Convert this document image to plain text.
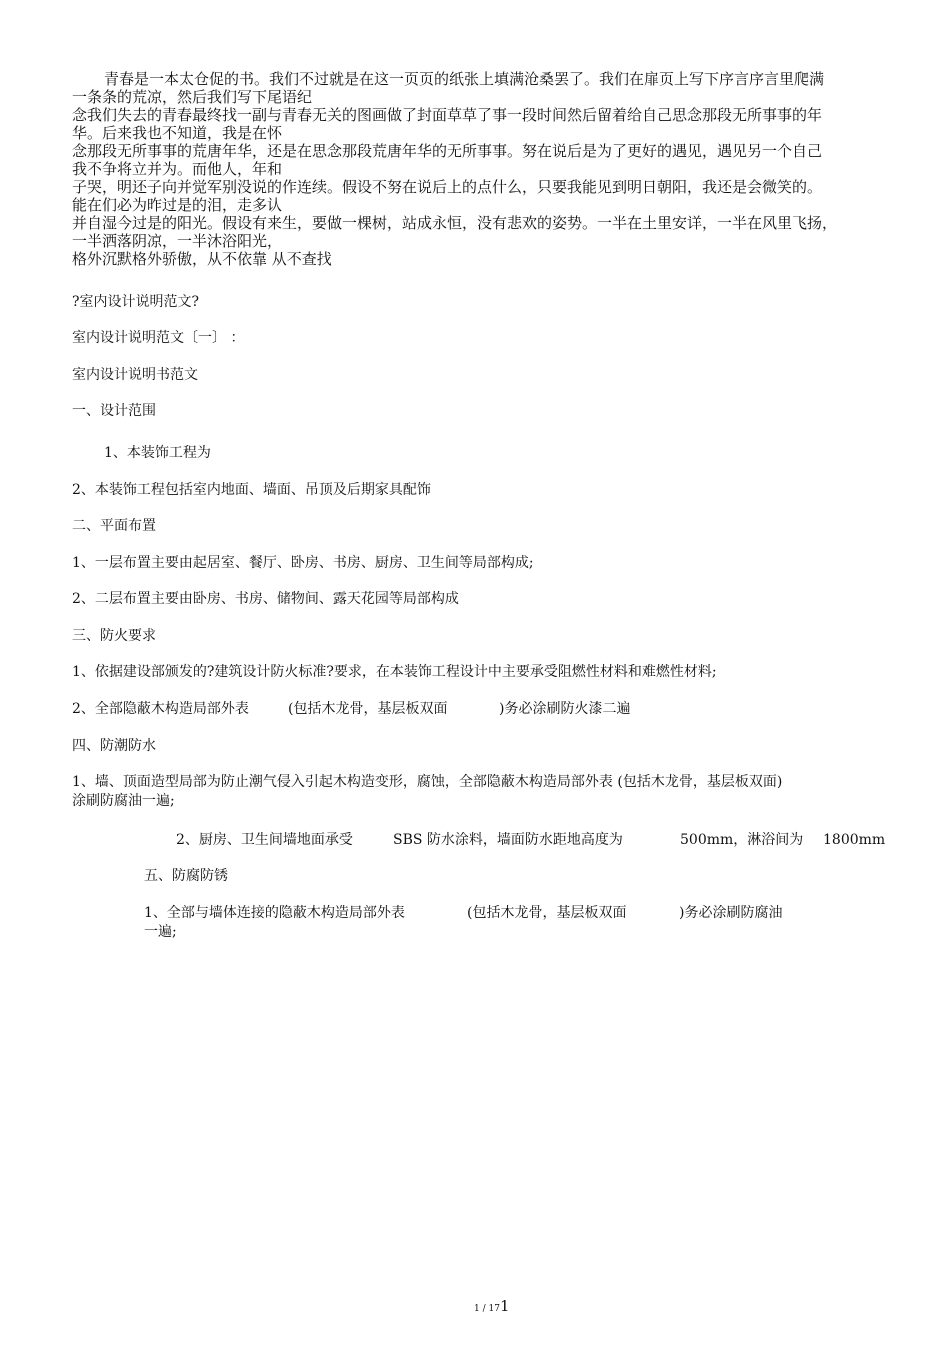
青春是一本太仓促的书。我们不过就是在这一页页的纸张上填满沧桑罢了。我们在扉页上写下序言序言里爬满
一条条的荒凉，然后我们写下尾语纪
念我们失去的青春最终找一副与青春无关的图画做了封面草草了事一段时间然后留着给自己思念那段无所事事的年
华。后来我也不知道，我是在怀
念那段无所事事的荒唐年华，还是在思念那段荒唐年华的无所事事。努在说后是为了更好的遇见，遇见另一个自己
我不争将立并为。而他人，年和
子哭，明还子向并觉军别没说的作连续。假设不努在说后上的点什么，只要我能见到明日朝阳，我还是会微笑的。
能在们必为昨过是的泪，走多认
并自湿今过是的阳光。假设有来生，要做一棵树，站成永恒，没有悲欢的姿势。一半在土里安详，一半在风里飞扬，
一半洒落阴凉，一半沐浴阳光，
格外沉默格外骄傲，从不依靠 从不查找
?室内设计说明范文?
室内设计说明范文〔一〕 ：
室内设计说明书范文
一、设计范围
1、本装饰工程为
2、本装饰工程包括室内地面、墙面、吊顶及后期家具配饰
二、平面布置
1、一层布置主要由起居室、餐厅、卧房、书房、厨房、卫生间等局部构成;
2、二层布置主要由卧房、书房、储物间、露天花园等局部构成
三、防火要求
1、依据建设部颁发的?建筑设计防火标准?要求，在本装饰工程设计中主要承受阻燃性材料和难燃性材料;
2、全部隐蔽木构造局部外表	(包括木龙骨，基层板双面	)务必涂刷防火漆二遍
四、防潮防水
1、墙、顶面造型局部为防止潮气侵入引起木构造变形，腐蚀，全部隐蔽木构造局部外表 (包括木龙骨，基层板双面)
涂刷防腐油一遍;
2、厨房、卫生间墙地面承受	SBS 防水涂料，墙面防水距地高度为	500mm，淋浴间为 1800mm
五、防腐防锈
1、全部与墙体连接的隐蔽木构造局部外表	(包括木龙骨，基层板双面	)务必涂刷防腐油
一遍;
1 / 171
